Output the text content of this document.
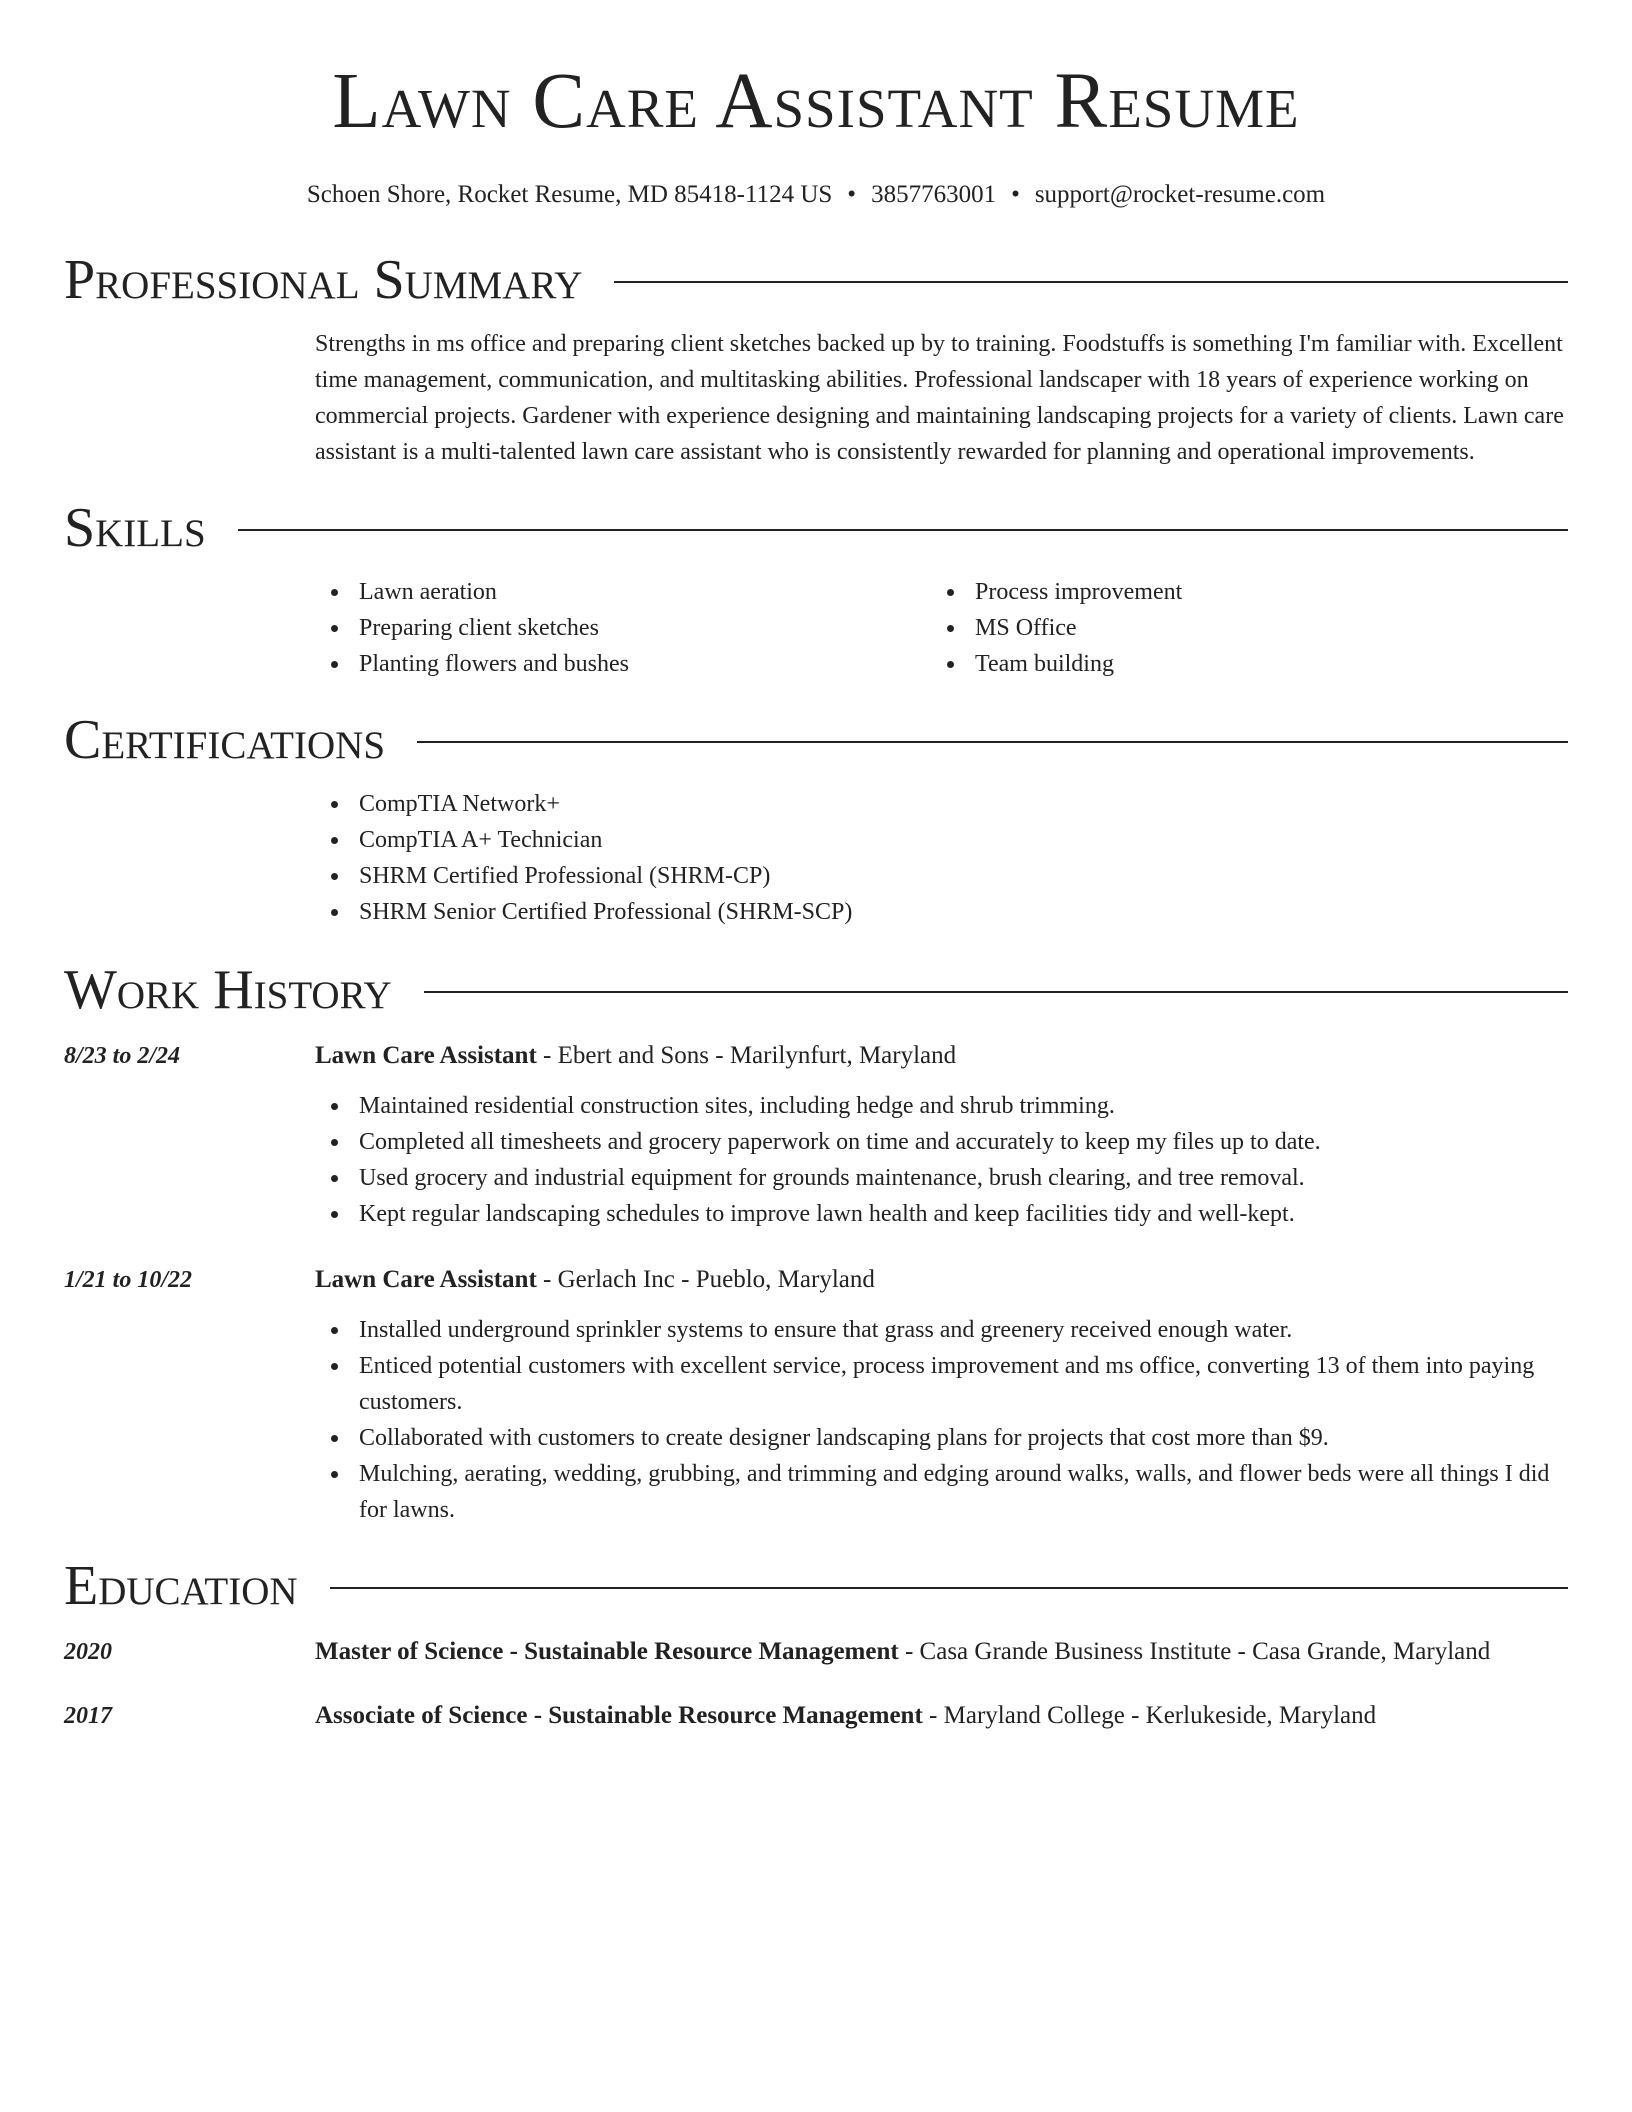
Lawn Care Assistant Resume
Schoen Shore, Rocket Resume, MD 85418-1124 US • 3857763001 • support@rocket-resume.com
Professional Summary

Strengths in ms office and preparing client sketches backed up by to training. Foodstuffs is something I'm familiar with. Excellent time management, communication, and multitasking abilities. Professional landscaper with 18 years of experience working on commercial projects. Gardener with experience designing and maintaining landscaping projects for a variety of clients. Lawn care assistant is a multi-talented lawn care assistant who is consistently rewarded for planning and operational improvements.

Skills
Lawn aeration
Preparing client sketches
Planting flowers and bushes
Process improvement
MS Office
Team building
Certifications
CompTIA Network+
CompTIA A+ Technician
SHRM Certified Professional (SHRM-CP)
SHRM Senior Certified Professional (SHRM-SCP)
Work History
8/23 to 2/24	Lawn Care Assistant - Ebert and Sons - Marilynfurt, Maryland
Maintained residential construction sites, including hedge and shrub trimming.
Completed all timesheets and grocery paperwork on time and accurately to keep my files up to date.
Used grocery and industrial equipment for grounds maintenance, brush clearing, and tree removal.
Kept regular landscaping schedules to improve lawn health and keep facilities tidy and well-kept.
1/21 to 10/22	Lawn Care Assistant - Gerlach Inc - Pueblo, Maryland
Installed underground sprinkler systems to ensure that grass and greenery received enough water.
Enticed potential customers with excellent service, process improvement and ms office, converting 13 of them into paying customers.
Collaborated with customers to create designer landscaping plans for projects that cost more than $9.
Mulching, aerating, wedding, grubbing, and trimming and edging around walks, walls, and flower beds were all things I did for lawns.
Education
2020	Master of Science - Sustainable Resource Management - Casa Grande Business Institute - Casa Grande, Maryland
2017	Associate of Science - Sustainable Resource Management - Maryland College - Kerlukeside, Maryland
